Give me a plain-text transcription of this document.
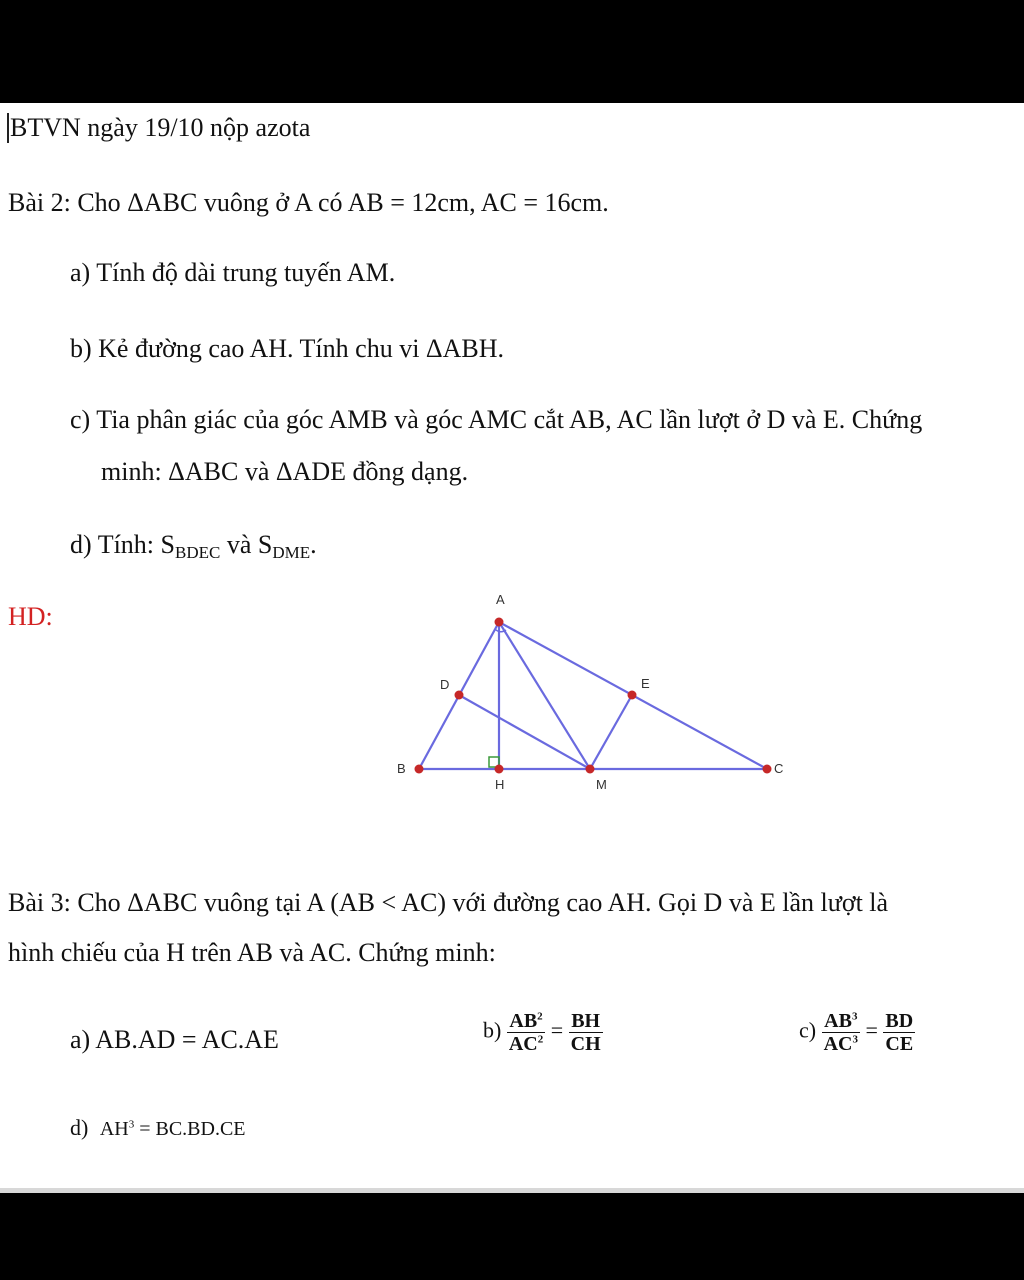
BTVN ngày 19/10 nộp azota
Bài 2: Cho ΔABC vuông ở A có AB = 12cm, AC = 16cm.
a) Tính độ dài trung tuyến AM.
b) Kẻ đường cao AH. Tính chu vi ΔABH.
c) Tia phân giác của góc AMB và góc AMC cắt AB, AC lần lượt ở D và E. Chứng
minh: ΔABC và ΔADE đồng dạng.
d) Tính: $S_{BDEC}$ và $S_{DME}$.
HD:
A
B	C
D	E
H	M
Bài 3: Cho ΔABC vuông tại A (AB < AC) với đường cao AH. Gọi D và E lần lượt là
hình chiếu của H trên AB và AC. Chứng minh:
a) AB.AD = AC.AE	$b) \frac{AB^2}{AC^2} = \frac{BH}{CH}$	$c) \frac{AB^3}{AC^3} = \frac{BD}{CE}$
d) $AH^3 = BC.BD.CE$
